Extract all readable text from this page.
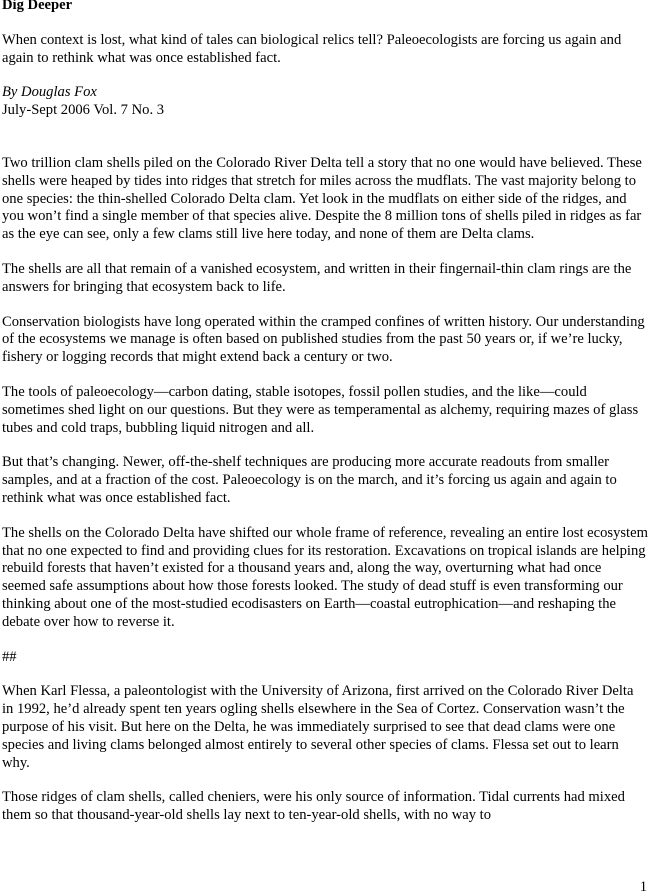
Dig Deeper
When context is lost, what kind of tales can biological relics tell? Paleoecologists are forcing us again and again to rethink what was once established fact.
By Douglas Fox
July-Sept 2006 Vol. 7 No. 3

Two trillion clam shells piled on the Colorado River Delta tell a story that no one would have believed. These shells were heaped by tides into ridges that stretch for miles across the mudflats. The vast majority belong to one species: the thin-shelled Colorado Delta clam. Yet look in the mudflats on either side of the ridges, and you won’t find a single member of that species alive. Despite the 8 million tons of shells piled in ridges as far as the eye can see, only a few clams still live here today, and none of them are Delta clams.

The shells are all that remain of a vanished ecosystem, and written in their fingernail-thin clam rings are the answers for bringing that ecosystem back to life.

Conservation biologists have long operated within the cramped confines of written history. Our understanding of the ecosystems we manage is often based on published studies from the past 50 years or, if we’re lucky, fishery or logging records that might extend back a century or two.

The tools of paleoecology—carbon dating, stable isotopes, fossil pollen studies, and the like—could sometimes shed light on our questions. But they were as temperamental as alchemy, requiring mazes of glass tubes and cold traps, bubbling liquid nitrogen and all.

But that’s changing. Newer, off-the-shelf techniques are producing more accurate readouts from smaller samples, and at a fraction of the cost. Paleoecology is on the march, and it’s forcing us again and again to rethink what was once established fact.

The shells on the Colorado Delta have shifted our whole frame of reference, revealing an entire lost ecosystem that no one expected to find and providing clues for its restoration. Excavations on tropical islands are helping rebuild forests that haven’t existed for a thousand years and, along the way, overturning what had once seemed safe assumptions about how those forests looked. The study of dead stuff is even transforming our thinking about one of the most-studied ecodisasters on Earth—coastal eutrophication—and reshaping the debate over how to reverse it.

##

When Karl Flessa, a paleontologist with the University of Arizona, first arrived on the Colorado River Delta in 1992, he’d already spent ten years ogling shells elsewhere in the Sea of Cortez. Conservation wasn’t the purpose of his visit. But here on the Delta, he was immediately surprised to see that dead clams were one species and living clams belonged almost entirely to several other species of clams. Flessa set out to learn why.

Those ridges of clam shells, called cheniers, were his only source of information. Tidal currents had mixed them so that thousand-year-old shells lay next to ten-year-old shells, with no way to

1
